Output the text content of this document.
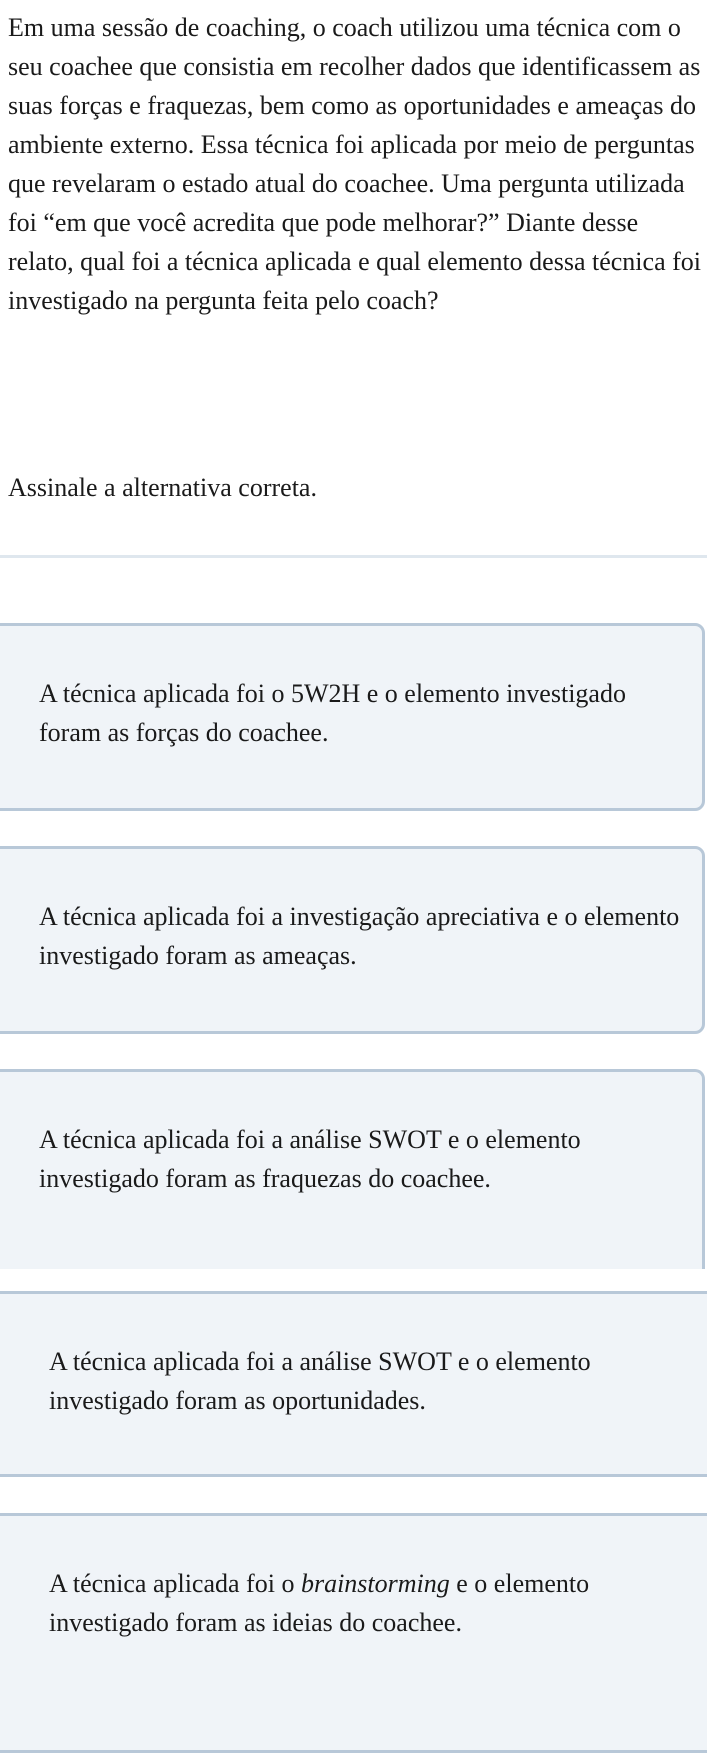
Em uma sessão de coaching, o coach utilizou uma técnica com o seu coachee que consistia em recolher dados que identificassem as suas forças e fraquezas, bem como as oportunidades e ameaças do ambiente externo. Essa técnica foi aplicada por meio de perguntas que revelaram o estado atual do coachee. Uma pergunta utilizada foi “em que você acredita que pode melhorar?” Diante desse relato, qual foi a técnica aplicada e qual elemento dessa técnica foi investigado na pergunta feita pelo coach?

Assinale a alternativa correta.

A técnica aplicada foi o 5W2H e o elemento investigado foram as forças do coachee.
A técnica aplicada foi a investigação apreciativa e o elemento investigado foram as ameaças.
A técnica aplicada foi a análise SWOT e o elemento investigado foram as fraquezas do coachee.
A técnica aplicada foi a análise SWOT e o elemento investigado foram as oportunidades.
A técnica aplicada foi o brainstorming e o elemento investigado foram as ideias do coachee.
